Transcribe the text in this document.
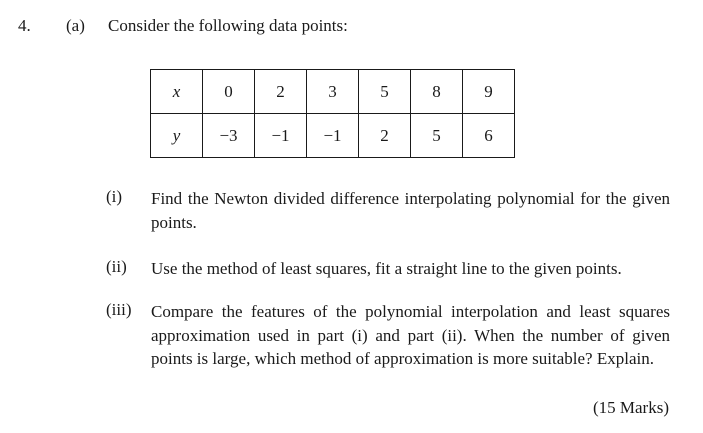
4. (a) Consider the following data points:
x	0	2	3	5	8	9
y	−3	−1	−1	2	5	6
(i) Find the Newton divided difference interpolating polynomial for the given points.
(ii) Use the method of least squares, fit a straight line to the given points.
(iii) Compare the features of the polynomial interpolation and least squares approximation used in part (i) and part (ii). When the number of given points is large, which method of approximation is more suitable? Explain.
(15 Marks)
